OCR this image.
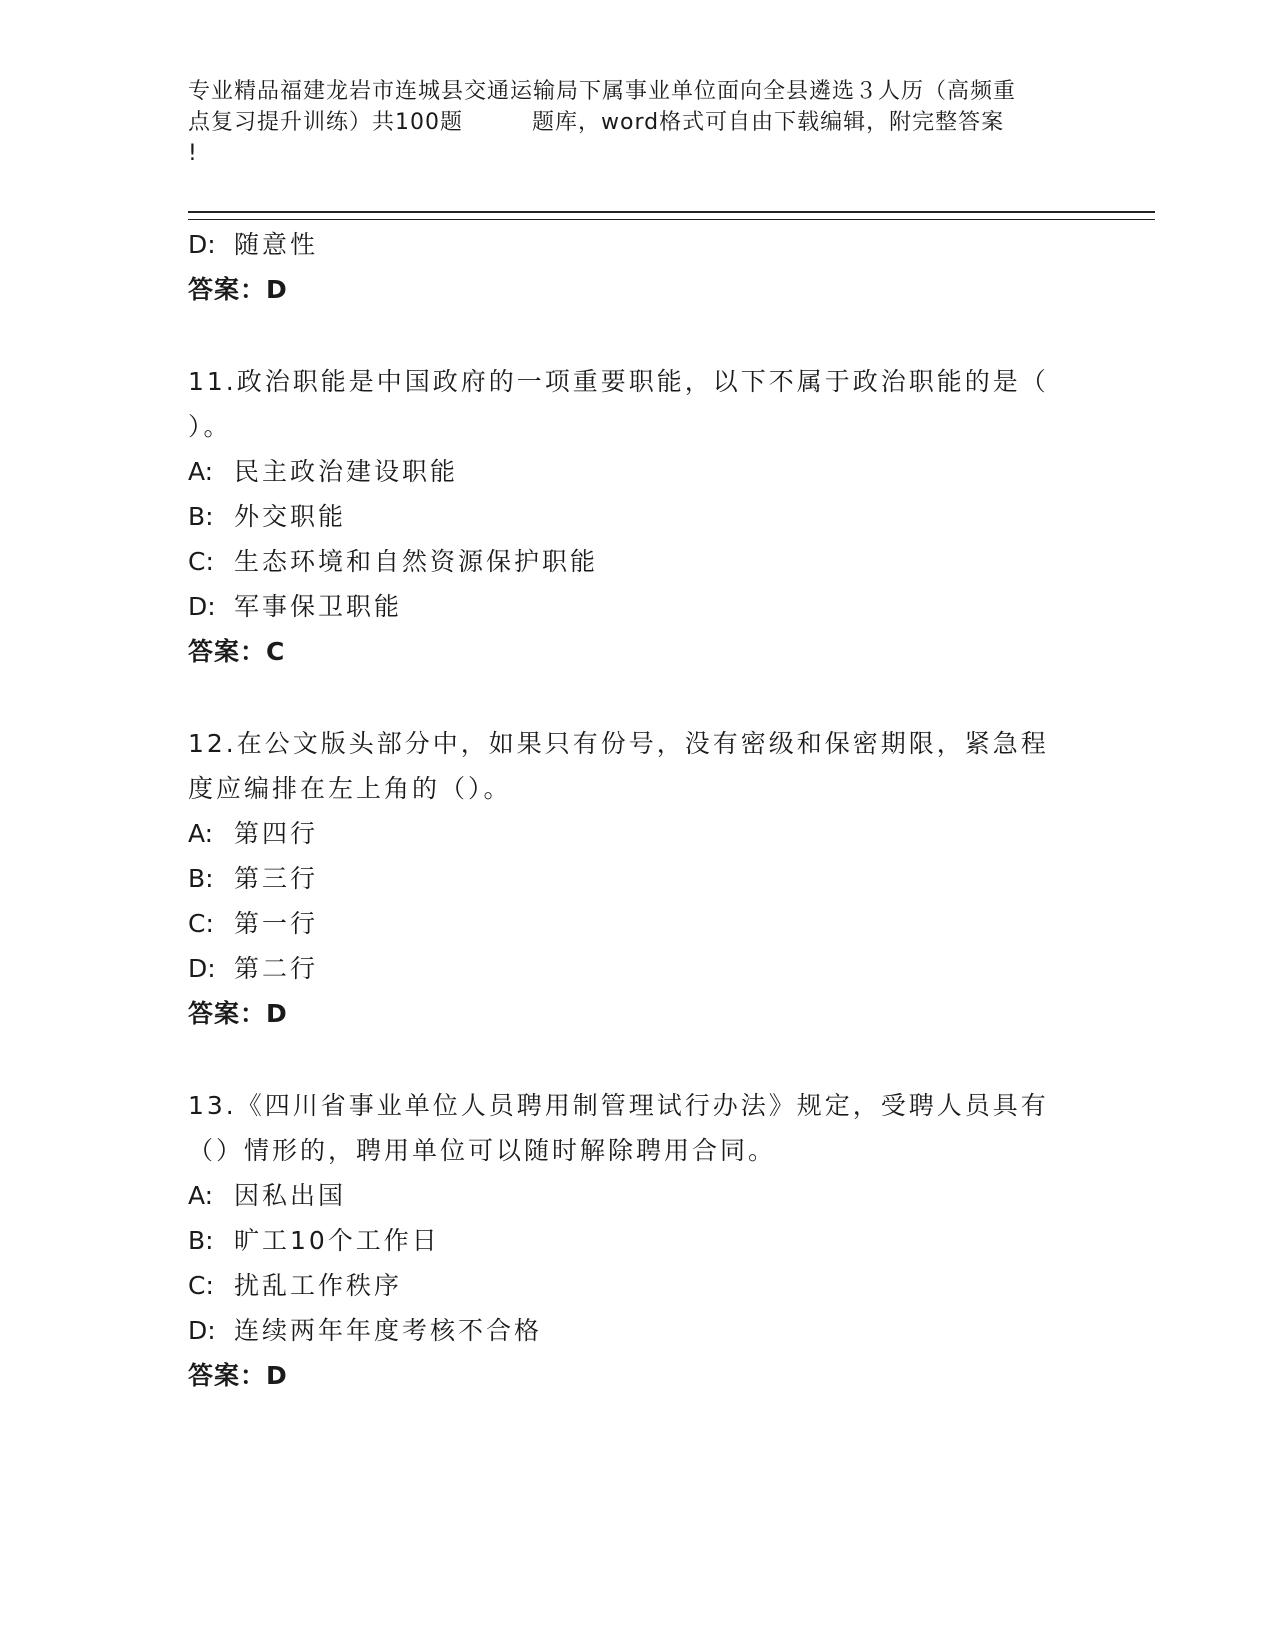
专业精品福建龙岩市连城县交通运输局下属事业单位面向全县遴选３人历（高频重
点复习提升训练）共100题　　　题库，word格式可自由下载编辑，附完整答案
!
D: 随意性
答案：D
11.政治职能是中国政府的一项重要职能，以下不属于政治职能的是（
）。
A: 民主政治建设职能
B: 外交职能
C: 生态环境和自然资源保护职能
D: 军事保卫职能
答案：C
12.在公文版头部分中，如果只有份号，没有密级和保密期限，紧急程
度应编排在左上角的（）。
A: 第四行
B: 第三行
C: 第一行
D: 第二行
答案：D
13.《四川省事业单位人员聘用制管理试行办法》规定，受聘人员具有
（）情形的，聘用单位可以随时解除聘用合同。
A: 因私出国
B: 旷工10个工作日
C: 扰乱工作秩序
D: 连续两年年度考核不合格
答案：D
